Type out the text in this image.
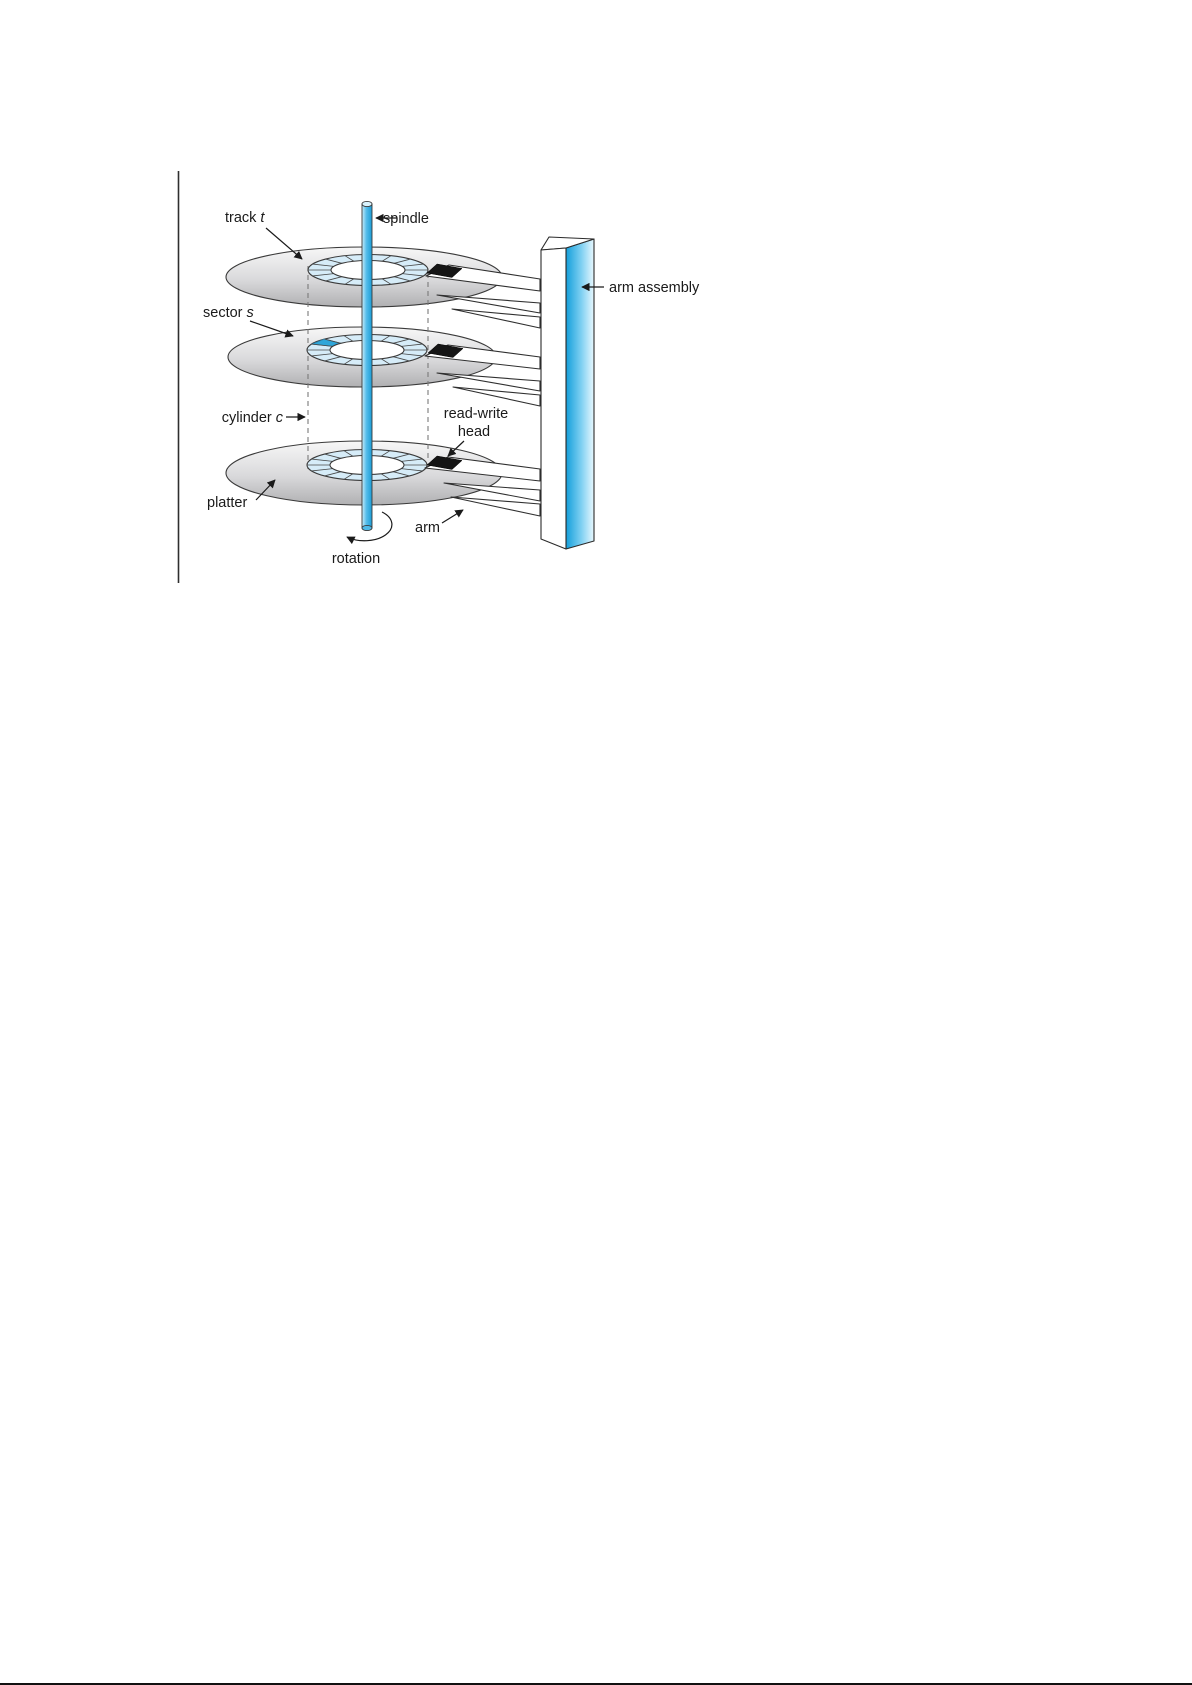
track t	spindle
sector s
cylinder c	read-write
head
platter
arm
rotation
arm assembly
